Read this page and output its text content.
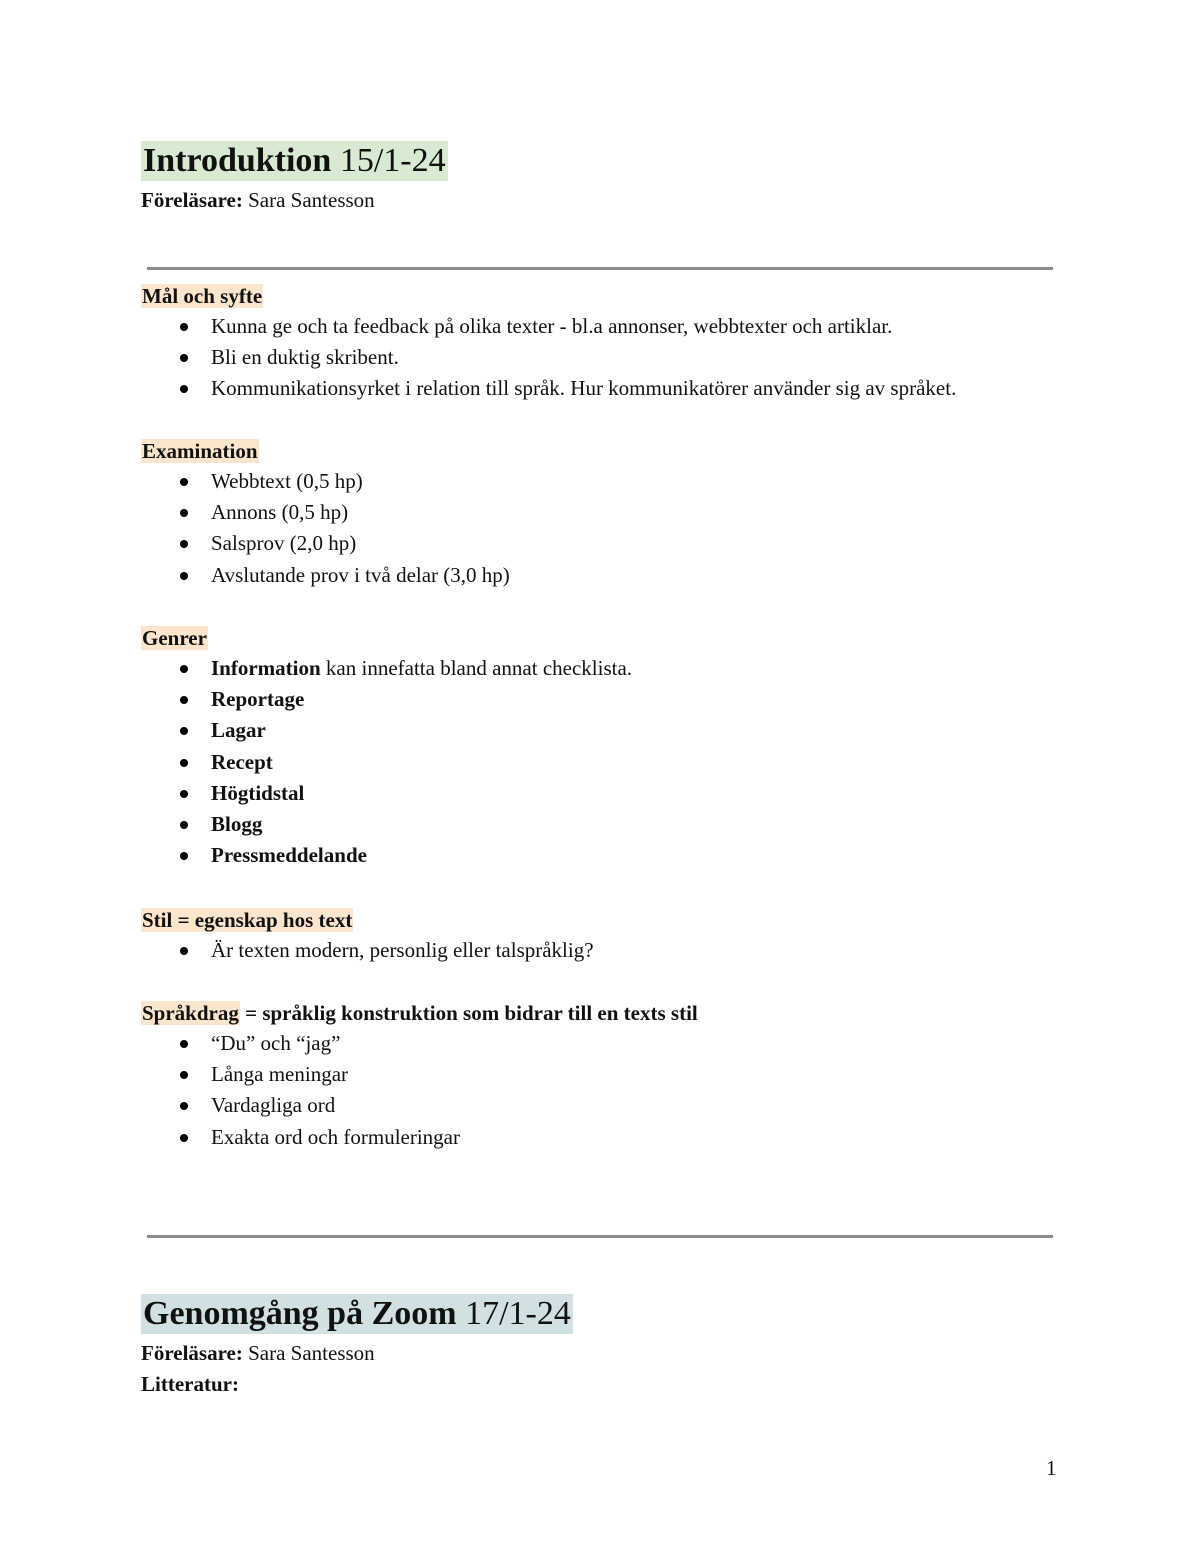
Introduktion 15/1-24
Föreläsare: Sara Santesson
Mål och syfte
Kunna ge och ta feedback på olika texter - bl.a annonser, webbtexter och artiklar.
Bli en duktig skribent.
Kommunikationsyrket i relation till språk. Hur kommunikatörer använder sig av språket.
Examination
Webbtext (0,5 hp)
Annons (0,5 hp)
Salsprov (2,0 hp)
Avslutande prov i två delar (3,0 hp)
Genrer
Information kan innefatta bland annat checklista.
Reportage
Lagar
Recept
Högtidstal
Blogg
Pressmeddelande
Stil = egenskap hos text
Är texten modern, personlig eller talspråklig?
Språkdrag = språklig konstruktion som bidrar till en texts stil
“Du” och “jag”
Långa meningar
Vardagliga ord
Exakta ord och formuleringar
Genomgång på Zoom 17/1-24
Föreläsare: Sara Santesson
Litteratur:
1
